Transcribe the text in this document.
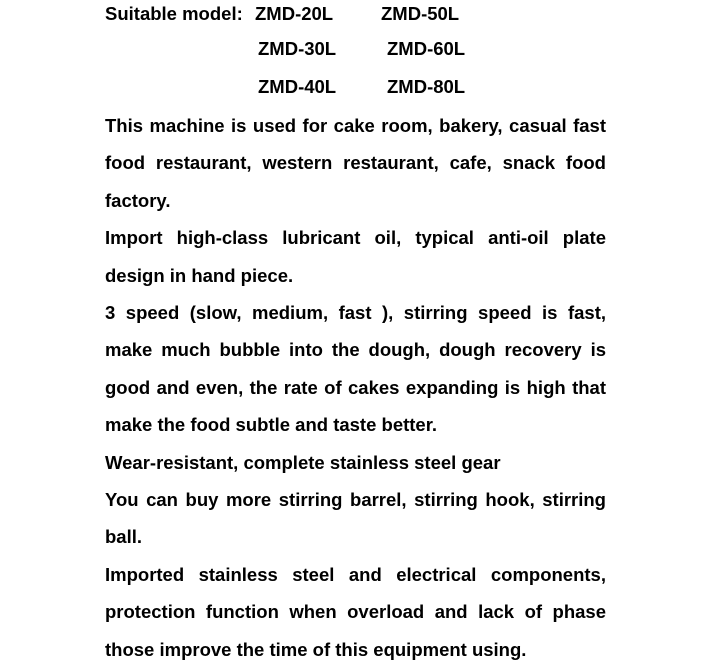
Suitable model: ZMD-20L	ZMD-50L
ZMD-30L	ZMD-60L
ZMD-40L	ZMD-80L

This machine is used for cake room, bakery, casual fast food restaurant, western restaurant, cafe, snack food factory.

Import high-class lubricant oil, typical anti-oil plate design in hand piece.

3 speed (slow, medium, fast ), stirring speed is fast, make much bubble into the dough, dough recovery is good and even, the rate of cakes expanding is high that make the food subtle and taste better.

Wear-resistant, complete stainless steel gear

You can buy more stirring barrel, stirring hook, stirring ball.

Imported stainless steel and electrical components, protection function when overload and lack of phase those improve the time of this equipment using.
